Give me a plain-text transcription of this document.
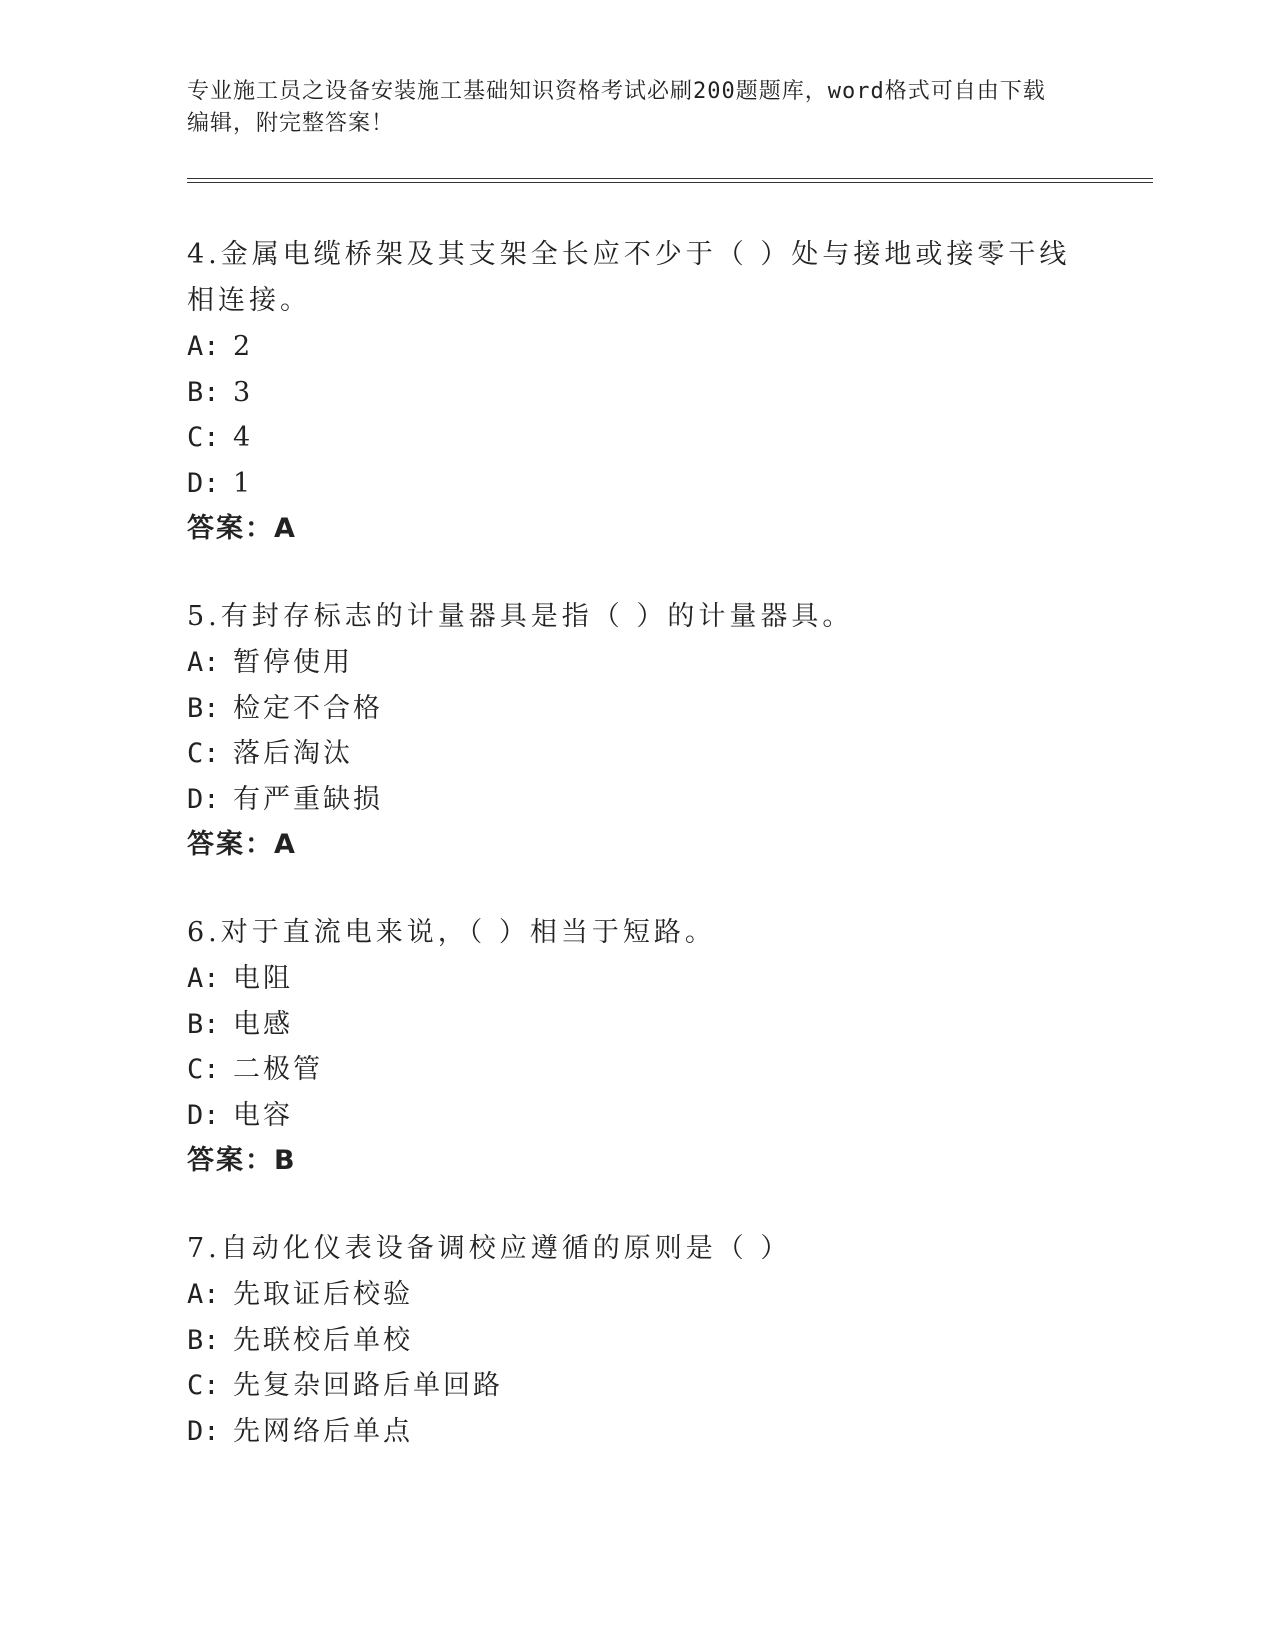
专业施工员之设备安装施工基础知识资格考试必刷200题题库，word格式可自由下载编辑，附完整答案！

4.金属电缆桥架及其支架全长应不少于（ ）处与接地或接零干线相连接。

A: 2

B: 3

C: 4

D: 1

答案：A

5.有封存标志的计量器具是指（ ）的计量器具。

A: 暂停使用

B: 检定不合格

C: 落后淘汰

D: 有严重缺损

答案：A

6.对于直流电来说，（ ）相当于短路。

A: 电阻

B: 电感

C: 二极管

D: 电容

答案：B

7.自动化仪表设备调校应遵循的原则是（ ）

A: 先取证后校验

B: 先联校后单校

C: 先复杂回路后单回路

D: 先网络后单点
